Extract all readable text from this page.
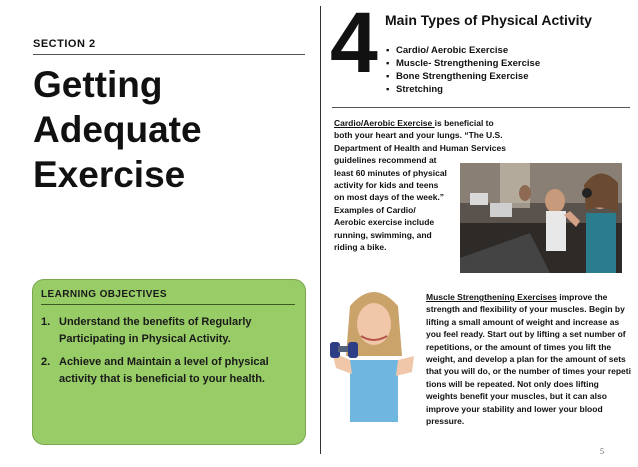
SECTION 2
Getting
Adequate
Exercise
LEARNING OBJECTIVES
1. Understand the benefits of Regularly
Participating in Physical Activity.
2. Achieve and Maintain a level of physical
activity that is beneficial to your health.
4 Main Types of Physical Activity
▪ Cardio/ Aerobic Exercise
▪ Muscle- Strengthening Exercise
▪ Bone Strengthening Exercise
▪ Stretching
Cardio/Aerobic Exercise is beneficial to
both your heart and your lungs. “The U.S.
Department of Health and Human Services
guidelines recommend at
least 60 minutes of physical
activity for kids and teens
on most days of the week.”
Examples of Cardio/
Aerobic exercise include
running, swimming, and
riding a bike.
Muscle Strengthening Exercises improve the
strength and flexibility of your muscles. Begin by
lifting a small amount of weight and increase as
you feel ready. Start out by lifting a set number of
repetitions, or the amount of times you lift the
weight, and develop a plan for the amount of sets
that you will do, or the number of times your repeti
tions will be repeated. Not only does lifting
weights benefit your muscles, but it can also
improve your stability and lower your blood
pressure.
5
